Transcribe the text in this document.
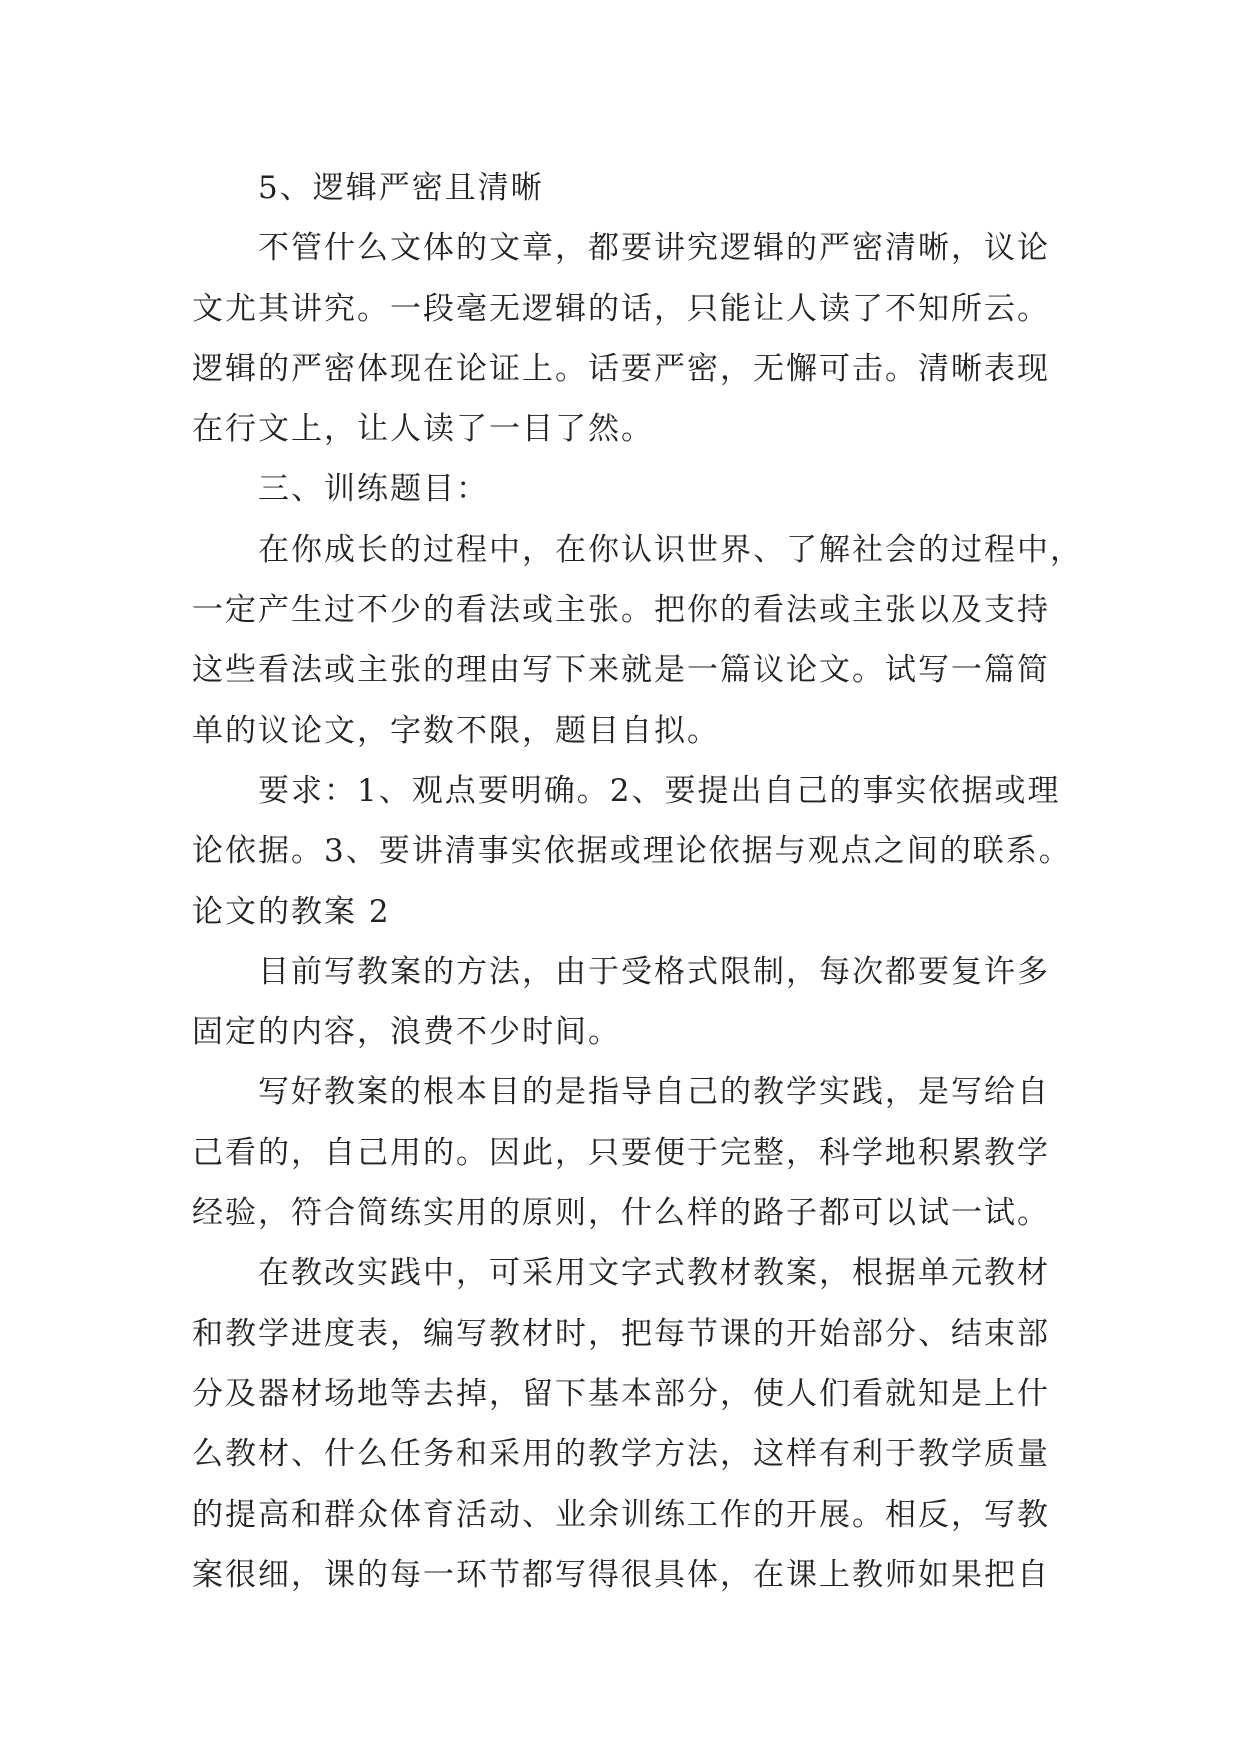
5、逻辑严密且清晰

不管什么文体的文章，都要讲究逻辑的严密清晰，议论

文尤其讲究。一段毫无逻辑的话，只能让人读了不知所云。

逻辑的严密体现在论证上。话要严密，无懈可击。清晰表现

在行文上，让人读了一目了然。

三、训练题目：

在你成长的过程中，在你认识世界、了解社会的过程中，

一定产生过不少的看法或主张。把你的看法或主张以及支持

这些看法或主张的理由写下来就是一篇议论文。试写一篇简

单的议论文，字数不限，题目自拟。

要求：1、观点要明确。2、要提出自己的事实依据或理

论依据。3、要讲清事实依据或理论依据与观点之间的联系。

论文的教案 2

目前写教案的方法，由于受格式限制，每次都要复许多

固定的内容，浪费不少时间。

写好教案的根本目的是指导自己的教学实践，是写给自

己看的，自己用的。因此，只要便于完整，科学地积累教学

经验，符合简练实用的原则，什么样的路子都可以试一试。

在教改实践中，可采用文字式教材教案，根据单元教材

和教学进度表，编写教材时，把每节课的开始部分、结束部

分及器材场地等去掉，留下基本部分，使人们看就知是上什

么教材、什么任务和采用的教学方法，这样有利于教学质量

的提高和群众体育活动、业余训练工作的开展。相反，写教

案很细，课的每一环节都写得很具体，在课上教师如果把自
